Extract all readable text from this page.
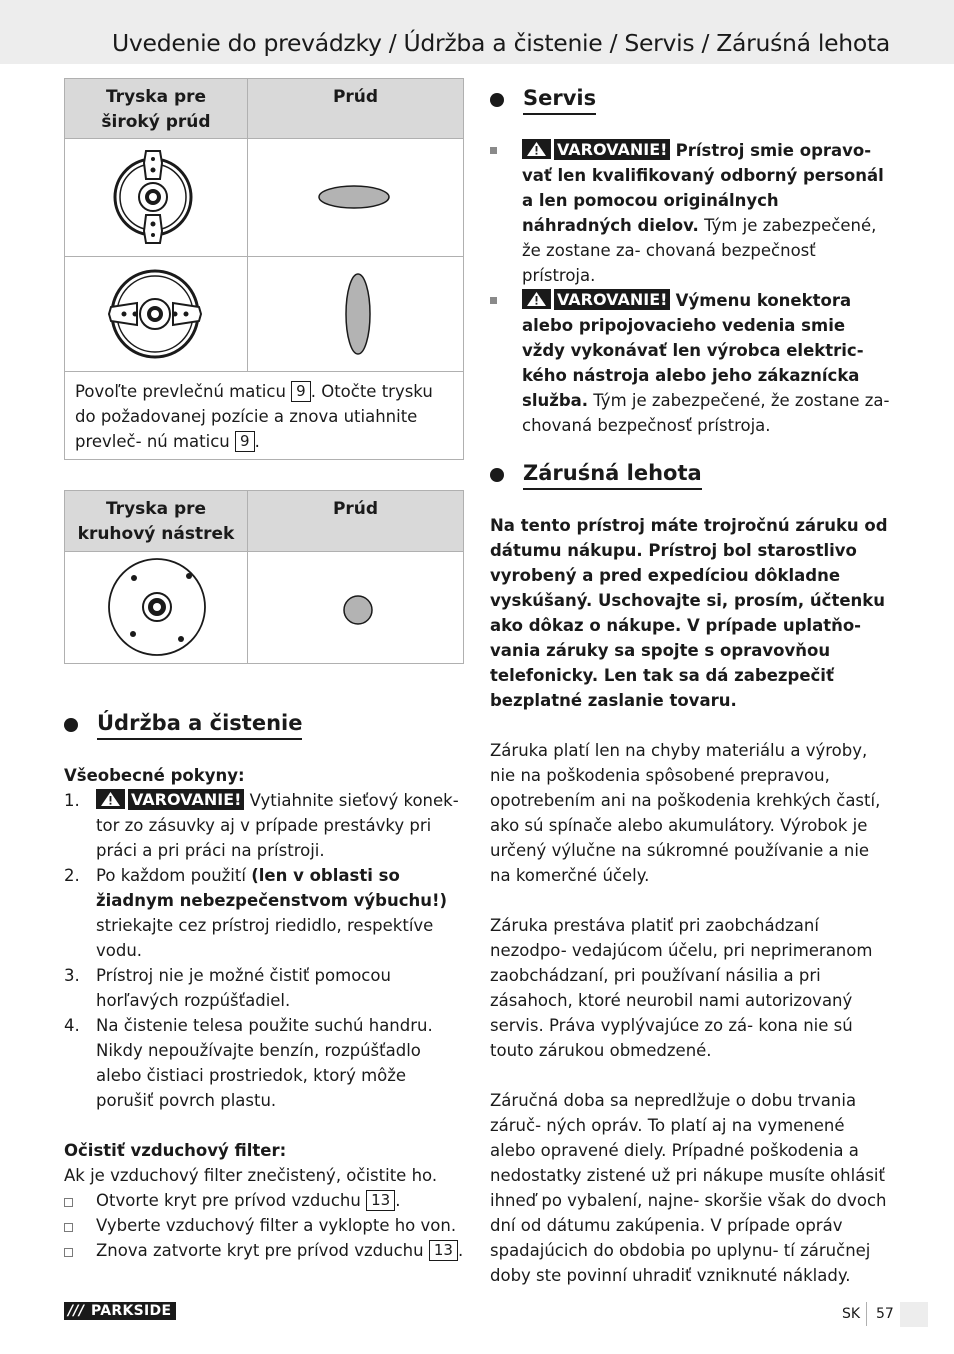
Uvedenie do prevádzky / Údržba a čistenie / Servis / Záruśná lehota
Tryska pre
široký prúd
Prúd
Povoľte prevlečnú maticu 9 . Otočte trysku do požadovanej pozície a znova utiahnite prevleč- nú maticu 9 .
Tryska pre
kruhový nástrek
Prúd
Údržba a čistenie
Všeobecné pokyny:
1.	VAROVANIE! Vytiahnite sieťový konek- tor zo zásuvky aj v prípade prestávky pri práci a pri práci na prístroji.
2. Po každom použití (len v oblasti so žiadnym nebezpečenstvom výbuchu!) striekajte cez prístroj riedidlo, respektíve vodu.
3. Prístroj nie je možné čistiť pomocou horľavých rozpúšťadiel.
4. Na čistenie telesa použite suchú handru. Nikdy nepoužívajte benzín, rozpúšťadlo alebo čistiaci prostriedok, ktorý môže porušiť povrch plastu.
Očistiť vzduchový filter:
Ak je vzduchový filter znečistený, očistite ho.
Otvorte kryt pre prívod vzduchu 13 .
Vyberte vzduchový filter a vyklopte ho von.
Znova zatvorte kryt pre prívod vzduchu 13 .
Servis
VAROVANIE! Prístroj smie opravo- vať len kvalifikovaný odborný personál a len pomocou originálnych náhradných dielov. Tým je zabezpečené, že zostane za- chovaná bezpečnosť prístroja.
VAROVANIE! Výmenu konektora alebo pripojovacieho vedenia smie vždy vykonávať len výrobca elektric- kého nástroja alebo jeho zákaznícka služba. Tým je zabezpečené, že zostane za- chovaná bezpečnosť prístroja.
Záruśná lehota
Na tento prístroj máte trojročnú záruku od dátumu nákupu. Prístroj bol starostlivo vyrobený a pred expedíciou dôkladne vyskúšaný. Uschovajte si, prosím, účtenku ako dôkaz o nákupe. V prípade uplatňo- vania záruky sa spojte s opravovňou telefonicky. Len tak sa dá zabezpečiť bezplatné zaslanie tovaru.
Záruka platí len na chyby materiálu a výroby, nie na poškodenia spôsobené prepravou, opotrebením ani na poškodenia krehkých častí, ako sú spínače alebo akumulátory. Výrobok je určený výlučne na súkromné používanie a nie na komerčné účely.
Záruka prestáva platiť pri zaobchádzaní nezodpo- vedajúcom účelu, pri neprimeranom zaobchádzaní, pri používaní násilia a pri zásahoch, ktoré neurobil nami autorizovaný servis. Práva vyplývajúce zo zá- kona nie sú touto zárukou obmedzené.
Záručná doba sa nepredlžuje o dobu trvania záruč- ných opráv. To platí aj na vymenené alebo opravené diely. Prípadné poškodenia a nedostatky zistené už pri nákupe musíte ohlásiť ihneď po vybalení, najne- skoršie však do dvoch dní od dátumu zakúpenia. V prípade opráv spadajúcich do obdobia po uplynu- tí záručnej doby ste povinní uhradiť vzniknuté náklady.
/// PARKSIDE	SK 57
